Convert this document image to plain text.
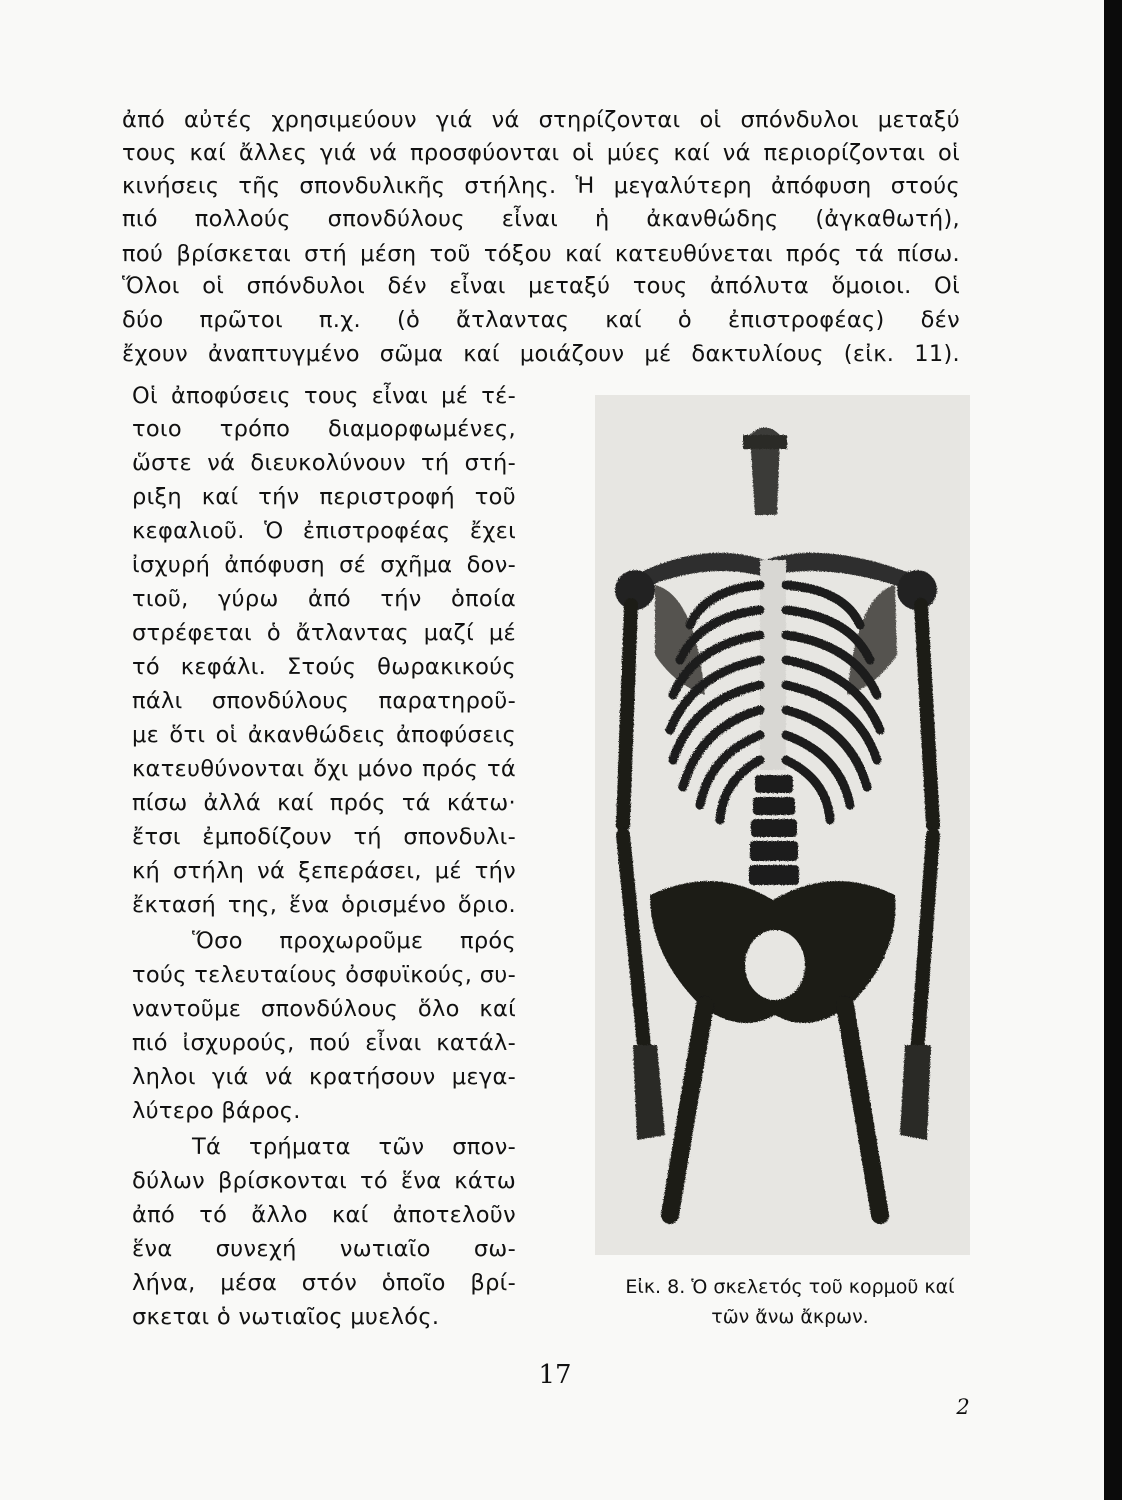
ἀπό αὐτές χρησιμεύουν γιά νά στηρίζονται οἱ σπόνδυλοι μεταξύ
τους καί ἄλλες γιά νά προσφύονται οἱ μύες καί νά περιορίζονται οἱ
κινήσεις τῆς σπονδυλικῆς στήλης. Ἡ μεγαλύτερη ἀπόφυση στούς
πιό πολλούς σπονδύλους εἶναι ἡ ἀκανθώδης (ἀγκαθωτή),
πού βρίσκεται στή μέση τοῦ τόξου καί κατευθύνεται πρός τά πίσω.
Ὅλοι οἱ σπόνδυλοι δέν εἶναι μεταξύ τους ἀπόλυτα ὅμοιοι. Οἱ
δύο πρῶτοι π.χ. (ὁ ἄτλαντας καί ὁ ἐπιστροφέας) δέν
ἔχουν ἀναπτυγμένο σῶμα καί μοιάζουν μέ δακτυλίους (εἰκ. 11).
Οἱ ἀποφύσεις τους εἶναι μέ τέ-
τοιο τρόπο διαμορφωμένες,
ὥστε νά διευκολύνουν τή στή-
ριξη καί τήν περιστροφή τοῦ
κεφαλιοῦ. Ὁ ἐπιστροφέας ἔχει
ἰσχυρή ἀπόφυση σέ σχῆμα δον-
τιοῦ, γύρω ἀπό τήν ὁποία
στρέφεται ὁ ἄτλαντας μαζί μέ
τό κεφάλι. Στούς θωρακικούς
πάλι σπονδύλους παρατηροῦ-
με ὅτι οἱ ἀκανθώδεις ἀποφύσεις
κατευθύνονται ὄχι μόνο πρός τά
πίσω ἀλλά καί πρός τά κάτω·
ἔτσι ἐμποδίζουν τή σπονδυλι-
κή στήλη νά ξεπεράσει, μέ τήν
ἔκτασή της, ἕνα ὁρισμένο ὅριο.
Ὅσο προχωροῦμε πρός
τούς τελευταίους ὀσφυϊκούς, συ-
ναντοῦμε σπονδύλους ὅλο καί
πιό ἰσχυρούς, πού εἶναι κατάλ-
ληλοι γιά νά κρατήσουν μεγα-
λύτερο βάρος.
Τά τρήματα τῶν σπον-
δύλων βρίσκονται τό ἕνα κάτω
ἀπό τό ἄλλο καί ἀποτελοῦν
ἕνα συνεχή νωτιαῖο σω-
λήνα, μέσα στόν ὁποῖο βρί-
σκεται ὁ νωτιαῖος μυελός.
Εἰκ. 8. Ὁ σκελετός τοῦ κορμοῦ καί
τῶν ἄνω ἄκρων.
17
2
